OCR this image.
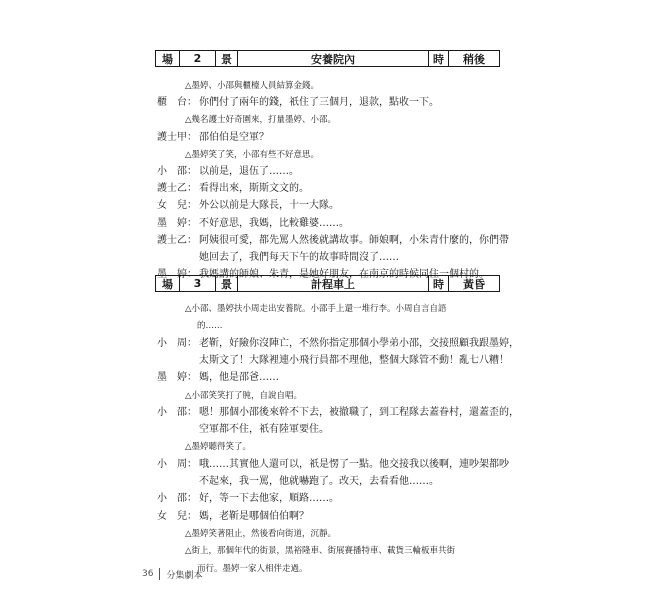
場	2	景	安養院內	時	稍後
△墨婷、小邵與櫃檯人員結算金錢。
櫃　台： 你們付了兩年的錢，祇住了三個月，退款，點收一下。
△幾名護士好奇圍來，打量墨婷、小邵。
護士甲： 邵伯伯是空軍？
△墨婷笑了笑，小邵有些不好意思。
小　邵： 以前是，退伍了……。
護士乙： 看得出來，斯斯文文的。
女　兒： 外公以前是大隊長，十一大隊。
墨　婷： 不好意思，我媽，比較雞婆……。
護士乙： 阿姨很可愛，都先罵人然後就講故事。師娘啊，小朱青什麼的，你們帶
她回去了，我們每天下午的故事時間沒了……
墨　婷： 我媽講的師娘、朱青，是她好朋友，在南京的時候同住一個村的。
場	3	景	計程車上	時	黃昏
△小邵、墨婷扶小周走出安養院。小邵手上還一堆行李。小周自言自語
的……
小　周： 老靳，好險你沒陣亡，不然你指定那個小學弟小邵，交接照顧我跟墨婷，
太斯文了！大隊裡連小飛行員都不理他，整個大隊管不動！亂七八糟！
墨　婷： 媽，他是邵爸……
△小邵笑笑打了肫，自說自唱。
小　邵： 嗯！那個小邵後來幹不下去，被撤職了，到工程隊去蓋眷村，還蓋歪的，
空軍都不住，祇有陸軍要住。
△墨婷聽得笑了。
小　周： 哦……其實他人還可以，祇是愣了一點。他交接我以後啊，連吵架都吵
不起來，我一罵，他就嚇跑了。改天，去看看他……。
小　邵： 好，等一下去他家，順路……。
女　兒： 媽，老靳是哪個伯伯啊？
△墨婷笑著阻止，然後看向街道，沉靜。
△街上，那個年代的街景，黑裕隆車、街展賽播特車、載貨三輪板車共街
而行。墨婷一家人相伴走過。
36 分集劇本
